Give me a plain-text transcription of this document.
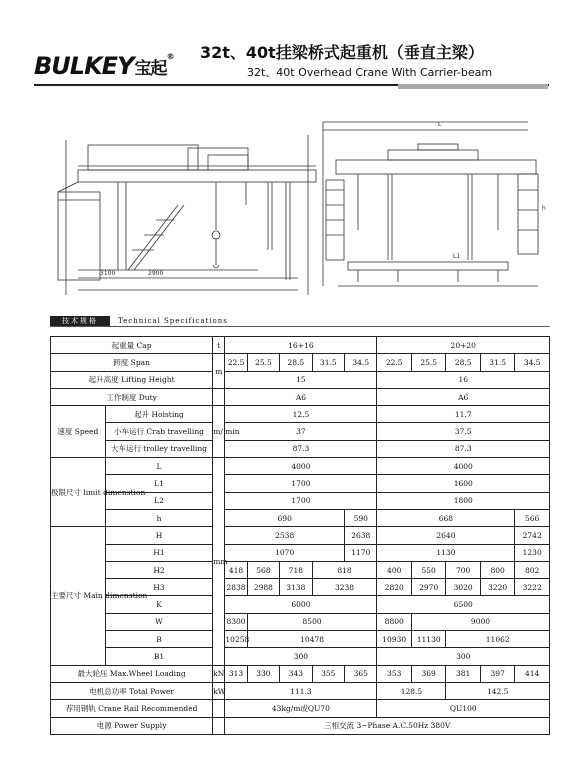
BULKEY宝起® 32t、40t挂梁桥式起重机（垂直主梁）
32t、40t Overhead Crane With Carrier-beam
3100	2900
L1
L
h
技术规格	Technical Specifications
起重量 Cap		t	16+16					20+20				
跨度 Span		m	22.5	25.5	28.5	31.5	34.5	22.5	25.5	28.5	31.5	34.5
起升高度 Lifting Height			15					16				
工作制度 Duty			A6					A6				
速度 Speed	起升 Hoisting	m/ min	12.5					11.7				
	小车运行 Crab travelling		37					37.5				
	大车运行 trolley travelling		87.3					87.3				
极限尺寸 limit dimenstion	L	mm	4000					4000				
	L1		1700					1600				
	L2		1700					1800				
	h		690				590	668				566
主要尺寸 Main dimenstion	H		2538				2638	2640				2742
	H1		1070				1170	1130				1230
	H2		418	568	718	818		400	550	700	800	802
	H3		2838	2988	3138	3238		2820	2970	3020	3220	3222
	K		6000					6500				
	W		8300	8500				8800	9000			
	B		10258	10478				10930	11130	11062		
	B1		300					300				
最大轮压 Max.Wheel Loading		kN	313	330	343	355	365	353	369	381	397	414
电机总功率 Total Power		kW	111.3					128.5		142.5		
荐用钢轨 Crane Rail Recommended			43kg/m或QU70					QU100				
电源 Power Supply			三相交流 3~Phase A.C.50Hz 380V									
